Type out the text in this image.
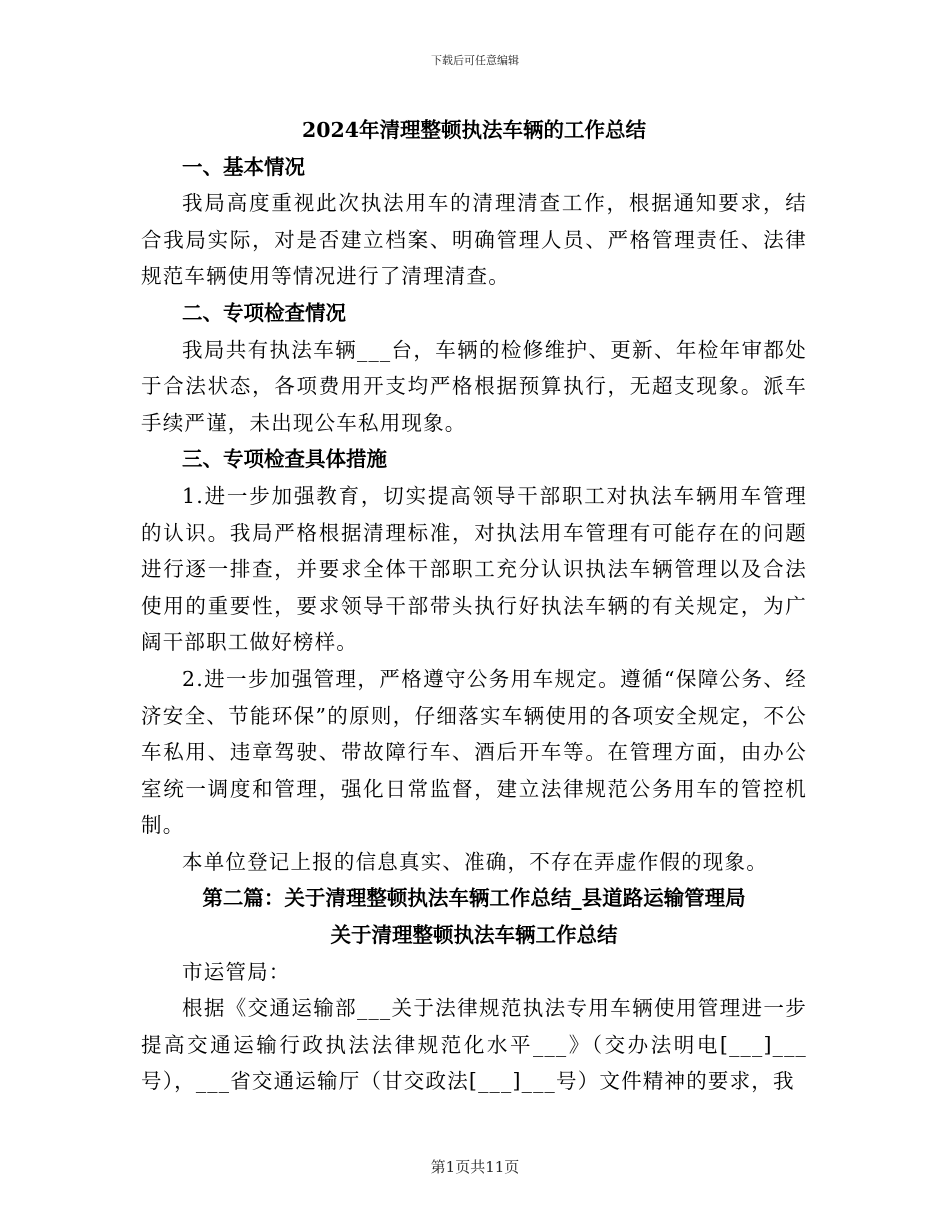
下载后可任意编辑

2024年清理整顿执法车辆的工作总结

一、基本情况

我局高度重视此次执法用车的清理清查工作，根据通知要求，结合我局实际，对是否建立档案、明确管理人员、严格管理责任、法律规范车辆使用等情况进行了清理清查。

二、专项检查情况

我局共有执法车辆___台，车辆的检修维护、更新、年检年审都处于合法状态，各项费用开支均严格根据预算执行，无超支现象。派车手续严谨，未出现公车私用现象。

三、专项检查具体措施

1.进一步加强教育，切实提高领导干部职工对执法车辆用车管理的认识。我局严格根据清理标准，对执法用车管理有可能存在的问题进行逐一排查，并要求全体干部职工充分认识执法车辆管理以及合法使用的重要性，要求领导干部带头执行好执法车辆的有关规定，为广阔干部职工做好榜样。

2.进一步加强管理，严格遵守公务用车规定。遵循“保障公务、经济安全、节能环保”的原则，仔细落实车辆使用的各项安全规定，不公车私用、违章驾驶、带故障行车、酒后开车等。在管理方面，由办公室统一调度和管理，强化日常监督，建立法律规范公务用车的管控机制。

本单位登记上报的信息真实、准确，不存在弄虚作假的现象。

第二篇：关于清理整顿执法车辆工作总结_县道路运输管理局

关于清理整顿执法车辆工作总结

市运管局：

根据《交通运输部___关于法律规范执法专用车辆使用管理进一步提高交通运输行政执法法律规范化水平___》（交办法明电[___]___号），___省交通运输厅（甘交政法[___]___号）文件精神的要求，我

第1页共11页
